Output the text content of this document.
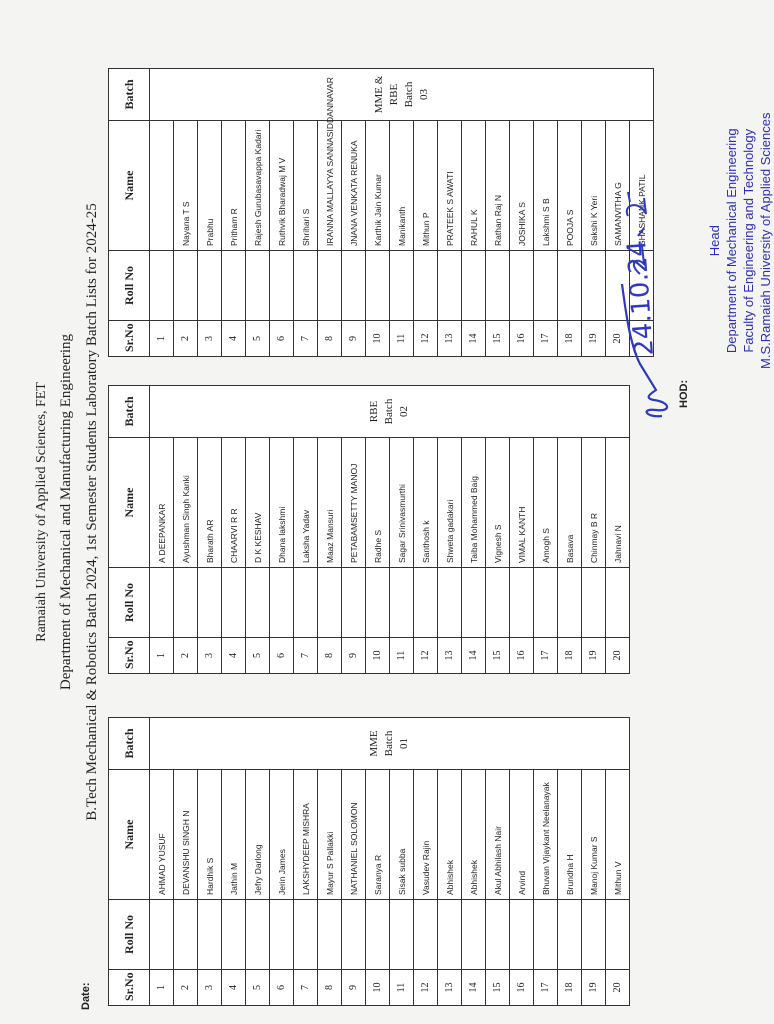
Ramaiah University of Applied Sciences, FET Department of Mechanical and Manufacturing Engineering B.Tech Mechanical & Robotics Batch 2024, 1st Semester Students Laboratory Batch Lists for 2024-25
Sr.No	Roll No	Name	Batch
1		AHMAD YUSUF	MME Batch 01

2		DEVANSHU SINGH N	
3		Hardhik S	
4		Jathin M	
5		Jefry Darlong	
6		Jerin James	
7		LAKSHYDEEP MISHRA	
8		Mayur S Pallakki	
9		NATHANIEL SOLOMON	
10		Saranya R	
11		Sisak subba	
12		Vasudev Rajin	
13		Abhishek	
14		Abhishek	
15		Akul Abhilash Nair	
16		Arvind	
17		Bhuvan Vijaykant Neelanayak	
18		Brundha H	
19		Manoj Kumar S	
20		Mithun V	
Sr.No	Roll No	Name	Batch
1		A DEEPANKAR	RBE Batch 02

2		Ayushman Singh Kanki	
3		Bharath AR	
4		CHAARVI R R	
5		D K KESHAV	
6		Dhana lakshmi	
7		Laksha Yadav	
8		Maaz Mansuri	
9		PETABAMSETTY MANOJ	
10		Radhe S	
11		Sagar Srinivasmurthi	
12		Santhosh k	
13		Shweta gadakari	
14		Taiba Mohammed Baig	
15		Vignesh S	
16		VIMAL KANTH	
17		Amogh S	
18		Basava	
19		Chinmay B R	
20		Jahnavi N	
Sr.No	Roll No	Name	Batch
1			MME & RBE Batch 03

2		Nayana T S	
3		Prabhu	
4		Pritham R	
5		Rajesh Gurubasavappa Kadari	
6		Ruthvik Bharadwaj M V	
7		Shrihari S	
8		IRANNA MALLAYYA SANNASIDDANNAVAR	
9		JNANA VENKATA RENUKA	
10		Karthik Jain Kumar	
11		Manikanth	
12		Mithun P	
13		PRATEEK S AWATI	
14		RAHUL K	
15		Rathan Raj N	
16		JOSHIKA S	
17		Lakshmi S B	
18		POOJA S	
19		Sakshi K Yeri	
20		SAMANVITHA G	
		SHASHANK PATIL	
Date:
HOD:
Head Department of Mechanical Engineering Faculty of Engineering and Technology M.S.Ramaiah University of Applied Sciences
24.10.24
